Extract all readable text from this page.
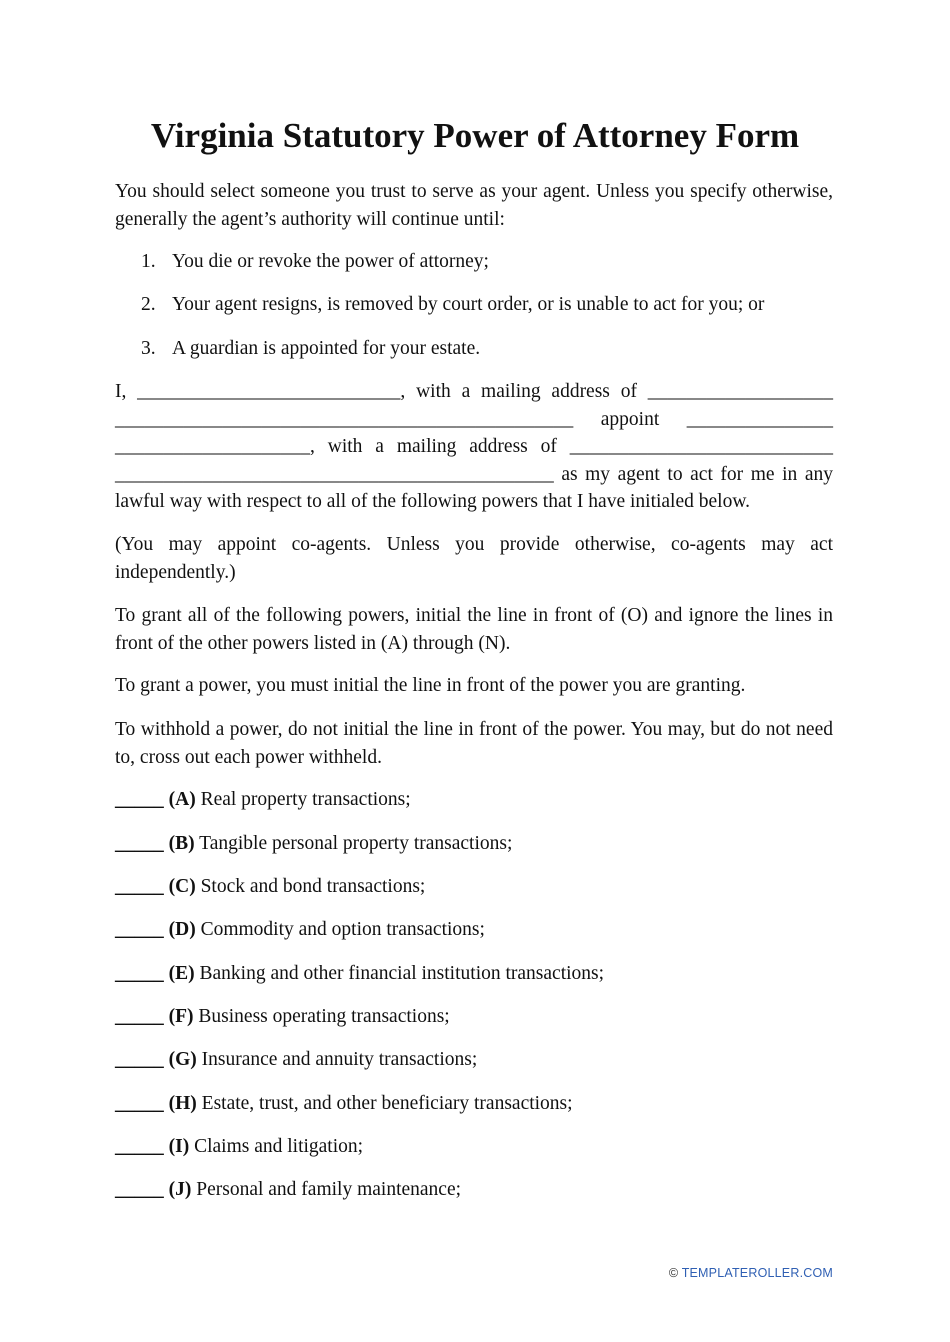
Virginia Statutory Power of Attorney Form
You should select someone you trust to serve as your agent. Unless you specify otherwise, generally the agent’s authority will continue until:
1. You die or revoke the power of attorney;
2. Your agent resigns, is removed by court order, or is unable to act for you; or
3. A guardian is appointed for your estate.
I, ___________________________, with a mailing address of ___________________
_______________________________________________ appoint _______________
____________________, with a mailing address of ___________________________
_____________________________________________ as my agent to act for me in any
lawful way with respect to all of the following powers that I have initialed below.
(You may appoint co-agents. Unless you provide otherwise, co-agents may act independently.)
To grant all of the following powers, initial the line in front of (O) and ignore the lines in front of the other powers listed in (A) through (N).
To grant a power, you must initial the line in front of the power you are granting.
To withhold a power, do not initial the line in front of the power. You may, but do not need to, cross out each power withheld.
_____ (A) Real property transactions;
_____ (B) Tangible personal property transactions;
_____ (C) Stock and bond transactions;
_____ (D) Commodity and option transactions;
_____ (E) Banking and other financial institution transactions;
_____ (F) Business operating transactions;
_____ (G) Insurance and annuity transactions;
_____ (H) Estate, trust, and other beneficiary transactions;
_____ (I) Claims and litigation;
_____ (J) Personal and family maintenance;
© TEMPLATEROLLER.COM
